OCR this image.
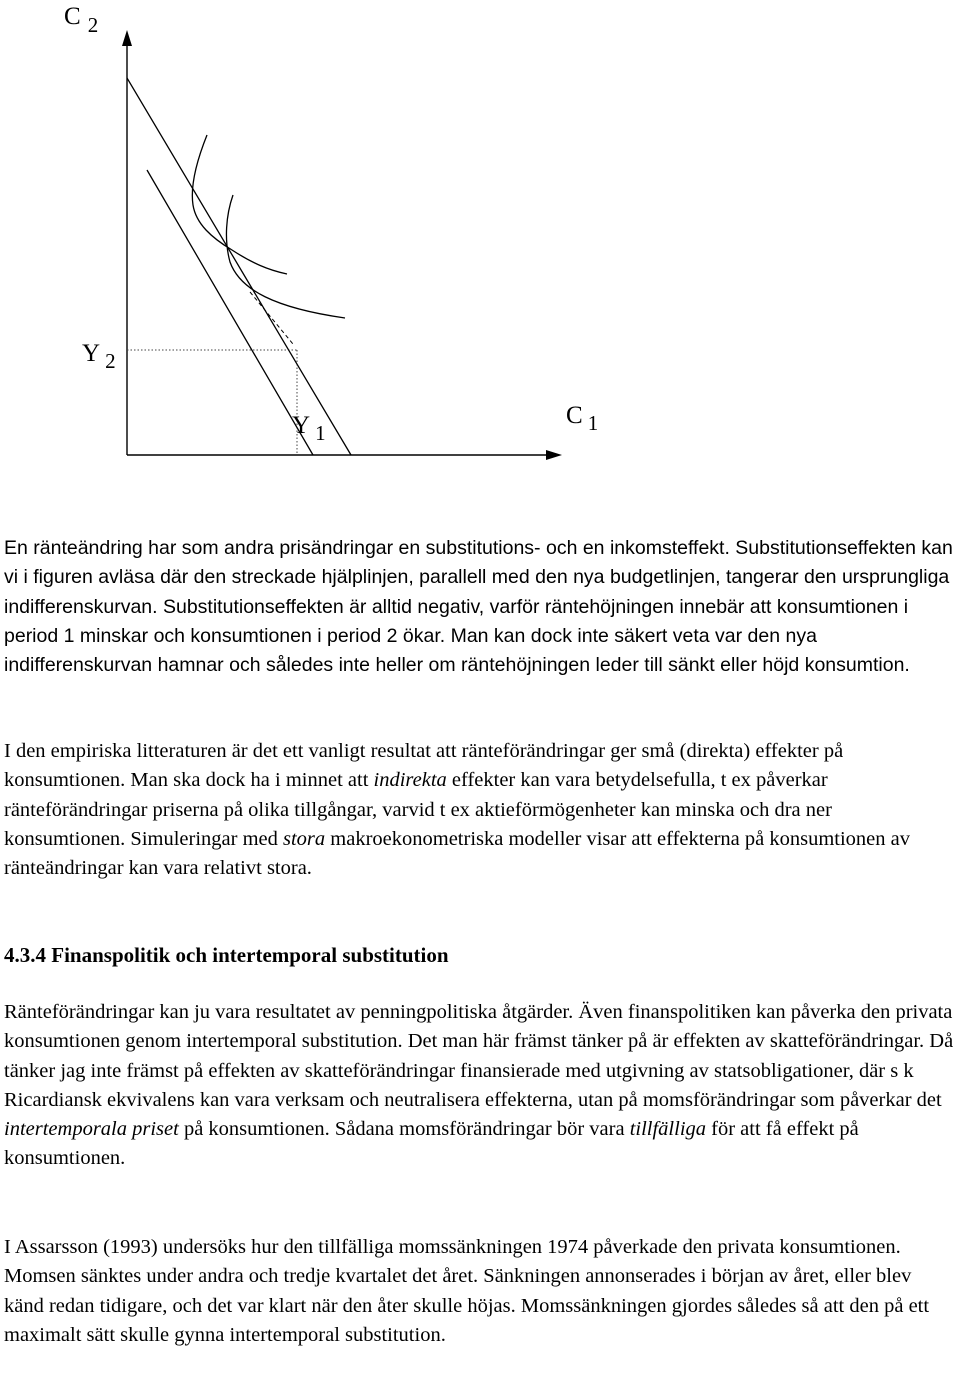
C $_2$
Y $_2$
Y $_1$
C $_1$

En ränteändring har som andra prisändringar en substitutions- och en inkomsteffekt. Substitutionseffekten kan vi i figuren avläsa där den streckade hjälplinjen, parallell med den nya budgetlinjen, tangerar den ursprungliga indifferenskurvan. Substitutionseffekten är alltid negativ, varför räntehöjningen innebär att konsumtionen i period 1 minskar och konsumtionen i period 2 ökar. Man kan dock inte säkert veta var den nya indifferenskurvan hamnar och således inte heller om räntehöjningen leder till sänkt eller höjd konsumtion.

I den empiriska litteraturen är det ett vanligt resultat att ränteförändringar ger små (direkta) effekter på konsumtionen. Man ska dock ha i minnet att indirekta effekter kan vara betydelsefulla, t ex påverkar ränteförändringar priserna på olika tillgångar, varvid t ex aktieförmögenheter kan minska och dra ner konsumtionen. Simuleringar med stora makroekonometriska modeller visar att effekterna på konsumtionen av ränteändringar kan vara relativt stora.

4.3.4 Finanspolitik och intertemporal substitution

Ränteförändringar kan ju vara resultatet av penningpolitiska åtgärder. Även finanspolitiken kan påverka den privata konsumtionen genom intertemporal substitution. Det man här främst tänker på är effekten av skatteförändringar. Då tänker jag inte främst på effekten av skatteförändringar finansierade med utgivning av statsobligationer, där s k Ricardiansk ekvivalens kan vara verksam och neutralisera effekterna, utan på momsförändringar som påverkar det intertemporala priset på konsumtionen. Sådana momsförändringar bör vara tillfälliga för att få effekt på konsumtionen.

I Assarsson (1993) undersöks hur den tillfälliga momssänkningen 1974 påverkade den privata konsumtionen. Momsen sänktes under andra och tredje kvartalet det året. Sänkningen annonserades i början av året, eller blev känd redan tidigare, och det var klart när den åter skulle höjas. Momssänkningen gjordes således så att den på ett maximalt sätt skulle gynna intertemporal substitution.
